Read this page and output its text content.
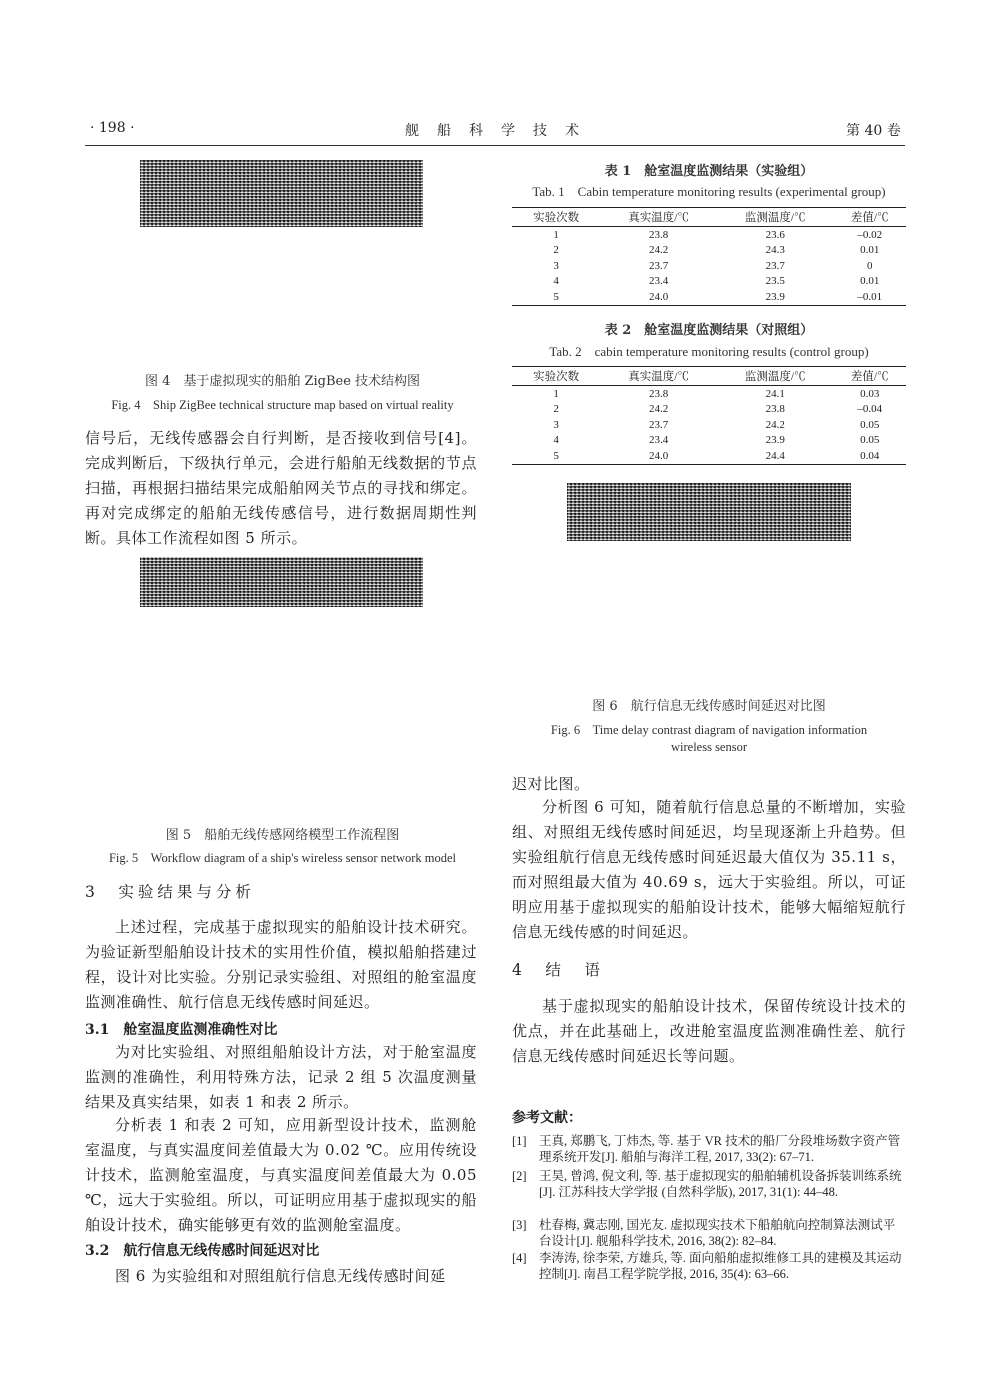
· 198 ·	舰　船　科　学　技　术	第 40 卷
图 4　基于虚拟现实的船舶 ZigBee 技术结构图
Fig. 4　Ship ZigBee technical structure map based on virtual reality
信号后，无线传感器会自行判断，是否接收到信号[4]。完成判断后，下级执行单元，会进行船舶无线数据的节点扫描，再根据扫描结果完成船舶网关节点的寻找和绑定。再对完成绑定的船舶无线传感信号，进行数据周期性判断。具体工作流程如图 5 所示。
图 5　船舶无线传感网络模型工作流程图
Fig. 5　Workflow diagram of a ship's wireless sensor network model
3　实验结果与分析
上述过程，完成基于虚拟现实的船舶设计技术研究。为验证新型船舶设计技术的实用性价值，模拟船舶搭建过程，设计对比实验。分别记录实验组、对照组的舱室温度监测准确性、航行信息无线传感时间延迟。
3.1　舱室温度监测准确性对比
为对比实验组、对照组船舶设计方法，对于舱室温度监测的准确性，利用特殊方法，记录 2 组 5 次温度测量结果及真实结果，如表 1 和表 2 所示。
分析表 1 和表 2 可知，应用新型设计技术，监测舱室温度，与真实温度间差值最大为 0.02 ℃。应用传统设计技术，监测舱室温度，与真实温度间差值最大为 0.05 ℃，远大于实验组。所以，可证明应用基于虚拟现实的船舶设计技术，确实能够更有效的监测舱室温度。
3.2　航行信息无线传感时间延迟对比
图 6 为实验组和对照组航行信息无线传感时间延
表 1　舱室温度监测结果（实验组）
Tab. 1　Cabin temperature monitoring results (experimental group)
实验次数	真实温度/℃	监测温度/℃	差值/℃
1	23.8	23.6	–0.02
2	24.2	24.3	0.01
3	23.7	23.7	0
4	23.4	23.5	0.01
5	24.0	23.9	–0.01
表 2　舱室温度监测结果（对照组）
Tab. 2　cabin temperature monitoring results (control group)
实验次数	真实温度/℃	监测温度/℃	差值/℃
1	23.8	24.1	0.03
2	24.2	23.8	–0.04
3	23.7	24.2	0.05
4	23.4	23.9	0.05
5	24.0	24.4	0.04
图 6　航行信息无线传感时间延迟对比图
Fig. 6　Time delay contrast diagram of navigation information
wireless sensor
迟对比图。
分析图 6 可知，随着航行信息总量的不断增加，实验组、对照组无线传感时间延迟，均呈现逐渐上升趋势。但实验组航行信息无线传感时间延迟最大值仅为 35.11 s，而对照组最大值为 40.69 s，远大于实验组。所以，可证明应用基于虚拟现实的船舶设计技术，能够大幅缩短航行信息无线传感的时间延迟。
4　结　语
基于虚拟现实的船舶设计技术，保留传统设计技术的优点，并在此基础上，改进舱室温度监测准确性差、航行信息无线传感时间延迟长等问题。
参考文献：
[1] 王真, 郑鹏飞, 丁炜杰, 等. 基于 VR 技术的船厂分段堆场数字资产管理系统开发[J]. 船舶与海洋工程, 2017, 33(2): 67–71.
[2] 王昊, 曾鸿, 倪文利, 等. 基于虚拟现实的船舶辅机设备拆装训练系统[J]. 江苏科技大学学报 (自然科学版), 2017, 31(1): 44–48.
[3] 杜春梅, 冀志刚, 国光友. 虚拟现实技术下船舶航向控制算法测试平台设计[J]. 舰船科学技术, 2016, 38(2): 82–84.
[4] 李涛涛, 徐李荣, 方雄兵, 等. 面向船舶虚拟维修工具的建模及其运动控制[J]. 南昌工程学院学报, 2016, 35(4): 63–66.
